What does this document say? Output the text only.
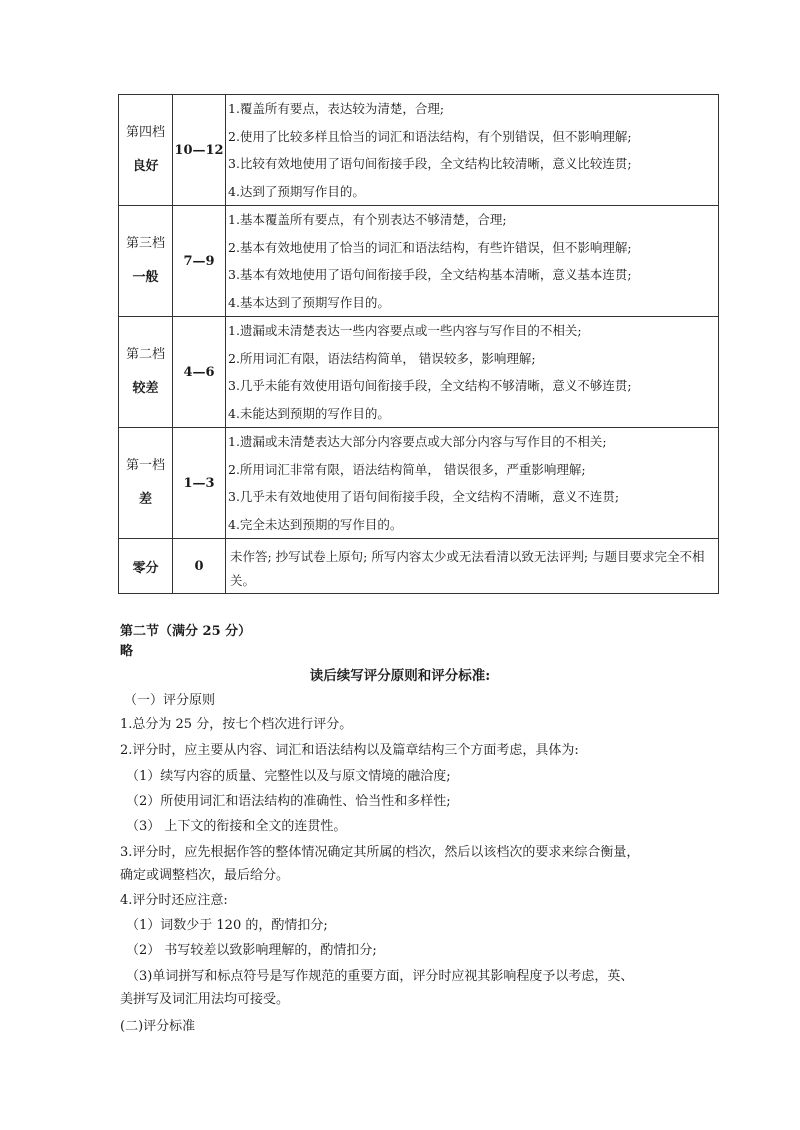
第四档
良好	10—12	1.覆盖所有要点，表达较为清楚，合理;
2.使用了比较多样且恰当的词汇和语法结构，有个别错误，但不影响理解;
3.比较有效地使用了语句间衔接手段，全文结构比较清晰，意义比较连贯;
4.达到了预期写作目的。

第三档
一般	7—9	1.基本覆盖所有要点，有个别表达不够清楚，合理;
2.基本有效地使用了恰当的词汇和语法结构，有些许错误，但不影响理解;
3.基本有效地使用了语句间衔接手段，全文结构基本清晰，意义基本连贯;
4.基本达到了预期写作目的。

第二档
较差	4—6	1.遗漏或未清楚表达一些内容要点或一些内容与写作目的不相关;
2.所用词汇有限，语法结构简单， 错误较多，影响理解;
3.几乎未能有效使用语句间衔接手段，全文结构不够清晰，意义不够连贯;
4.未能达到预期的写作目的。

第一档
差	1—3	1.遗漏或未清楚表达大部分内容要点或大部分内容与写作目的不相关;
2.所用词汇非常有限，语法结构简单， 错误很多，严重影响理解;
3.几乎未有效地使用了语句间衔接手段，全文结构不清晰，意义不连贯;
4.完全未达到预期的写作目的。

零分	0	未作答; 抄写试卷上原句; 所写内容太少或无法看清以致无法评判; 与题目要求完全不相关。
第二节（满分 25 分）
略
读后续写评分原则和评分标准:
（一）评分原则
1.总分为 25 分，按七个档次进行评分。
2.评分时，应主要从内容、词汇和语法结构以及篇章结构三个方面考虑，具体为:
（1）续写内容的质量、完整性以及与原文情境的融洽度;
（2）所使用词汇和语法结构的准确性、恰当性和多样性;
（3） 上下文的衔接和全文的连贯性。
3.评分时，应先根据作答的整体情况确定其所属的档次，然后以该档次的要求来综合衡量，
确定或调整档次，最后给分。
4.评分时还应注意:
（1）词数少于 120 的，酌情扣分;
（2） 书写较差以致影响理解的，酌情扣分;
（3)单词拼写和标点符号是写作规范的重要方面，评分时应视其影响程度予以考虑，英、
美拼写及词汇用法均可接受。
(二)评分标准
